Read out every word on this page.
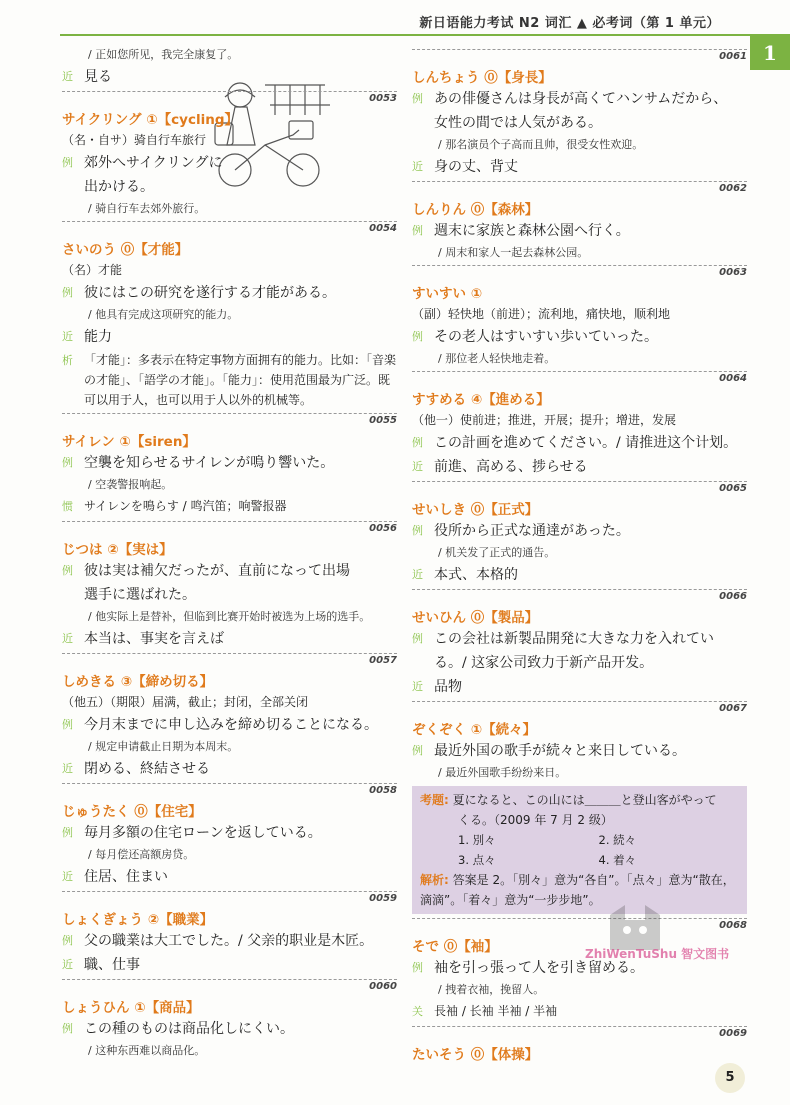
新日语能力考试 N2 词汇 ▲ 必考词（第 1 单元）
1
/ 正如您所见，我完全康复了。
近 見る
0053
サイクリング ①【cycling】
（名・自サ）骑自行车旅行
例 郊外へサイクリングに
出かける。
/ 骑自行车去郊外旅行。
0054
さいのう ⓪【才能】
（名）才能
例 彼にはこの研究を遂行する才能がある。
/ 他具有完成这项研究的能力。
近 能力
析 「才能」：多表示在特定事物方面拥有的能力。比如：「音楽の才能」、「語学の才能」。「能力」：使用范围最为广泛。既可以用于人，也可以用于人以外的机械等。
0055
サイレン ①【siren】
例 空襲を知らせるサイレンが鳴り響いた。
/ 空袭警报响起。
惯 サイレンを鳴らす / 鸣汽笛；响警报器
0056
じつは ②【実は】
例 彼は実は補欠だったが、直前になって出場
選手に選ばれた。
/ 他实际上是替补，但临到比赛开始时被选为上场的选手。
近 本当は、事実を言えば
0057
しめきる ③【締め切る】
（他五）（期限）届满，截止；封闭，全部关闭
例 今月末までに申し込みを締め切ることになる。
/ 规定申请截止日期为本周末。
近 閉める、終結させる
0058
じゅうたく ⓪【住宅】
例 毎月多額の住宅ローンを返している。
/ 每月偿还高额房贷。
近 住居、住まい
0059
しょくぎょう ②【職業】
例 父の職業は大工でした。/ 父亲的职业是木匠。
近 職、仕事
0060
しょうひん ①【商品】
例 この種のものは商品化しにくい。
/ 这种东西难以商品化。
0061
しんちょう ⓪【身長】
例 あの俳優さんは身長が高くてハンサムだから、
女性の間では人気がある。
/ 那名演员个子高而且帅，很受女性欢迎。
近 身の丈、背丈
0062
しんりん ⓪【森林】
例 週末に家族と森林公園へ行く。
/ 周末和家人一起去森林公园。
0063
すいすい ①
（副）轻快地（前进）；流利地，痛快地，顺利地
例 その老人はすいすい歩いていった。
/ 那位老人轻快地走着。
0064
すすめる ④【進める】
（他一）使前进；推进，开展；提升；增进，发展
例 この計画を進めてください。/ 请推进这个计划。
近 前進、高める、捗らせる
0065
せいしき ⓪【正式】
例 役所から正式な通達があった。
/ 机关发了正式的通告。
近 本式、本格的
0066
せいひん ⓪【製品】
例 この会社は新製品開発に大きな力を入れてい
る。/ 这家公司致力于新产品开发。
近 品物
0067
ぞくぞく ①【続々】
例 最近外国の歌手が続々と来日している。
/ 最近外国歌手纷纷来日。
考题: 夏になると、この山には＿＿＿と登山客がやって
くる。（2009 年 7 月 2 级）
1. 別々	2. 続々
3. 点々	4. 着々
解析: 答案是 2。「別々」意为“各自”。「点々」意为“散在，滴滴”。「着々」意为“一步步地”。
0068
そで ⓪【袖】
例 袖を引っ張って人を引き留める。
/ 拽着衣袖，挽留人。
关 長袖 / 长袖 半袖 / 半袖
0069
たいそう ⓪【体操】
ZhiWenTuShu 智文图书
5
